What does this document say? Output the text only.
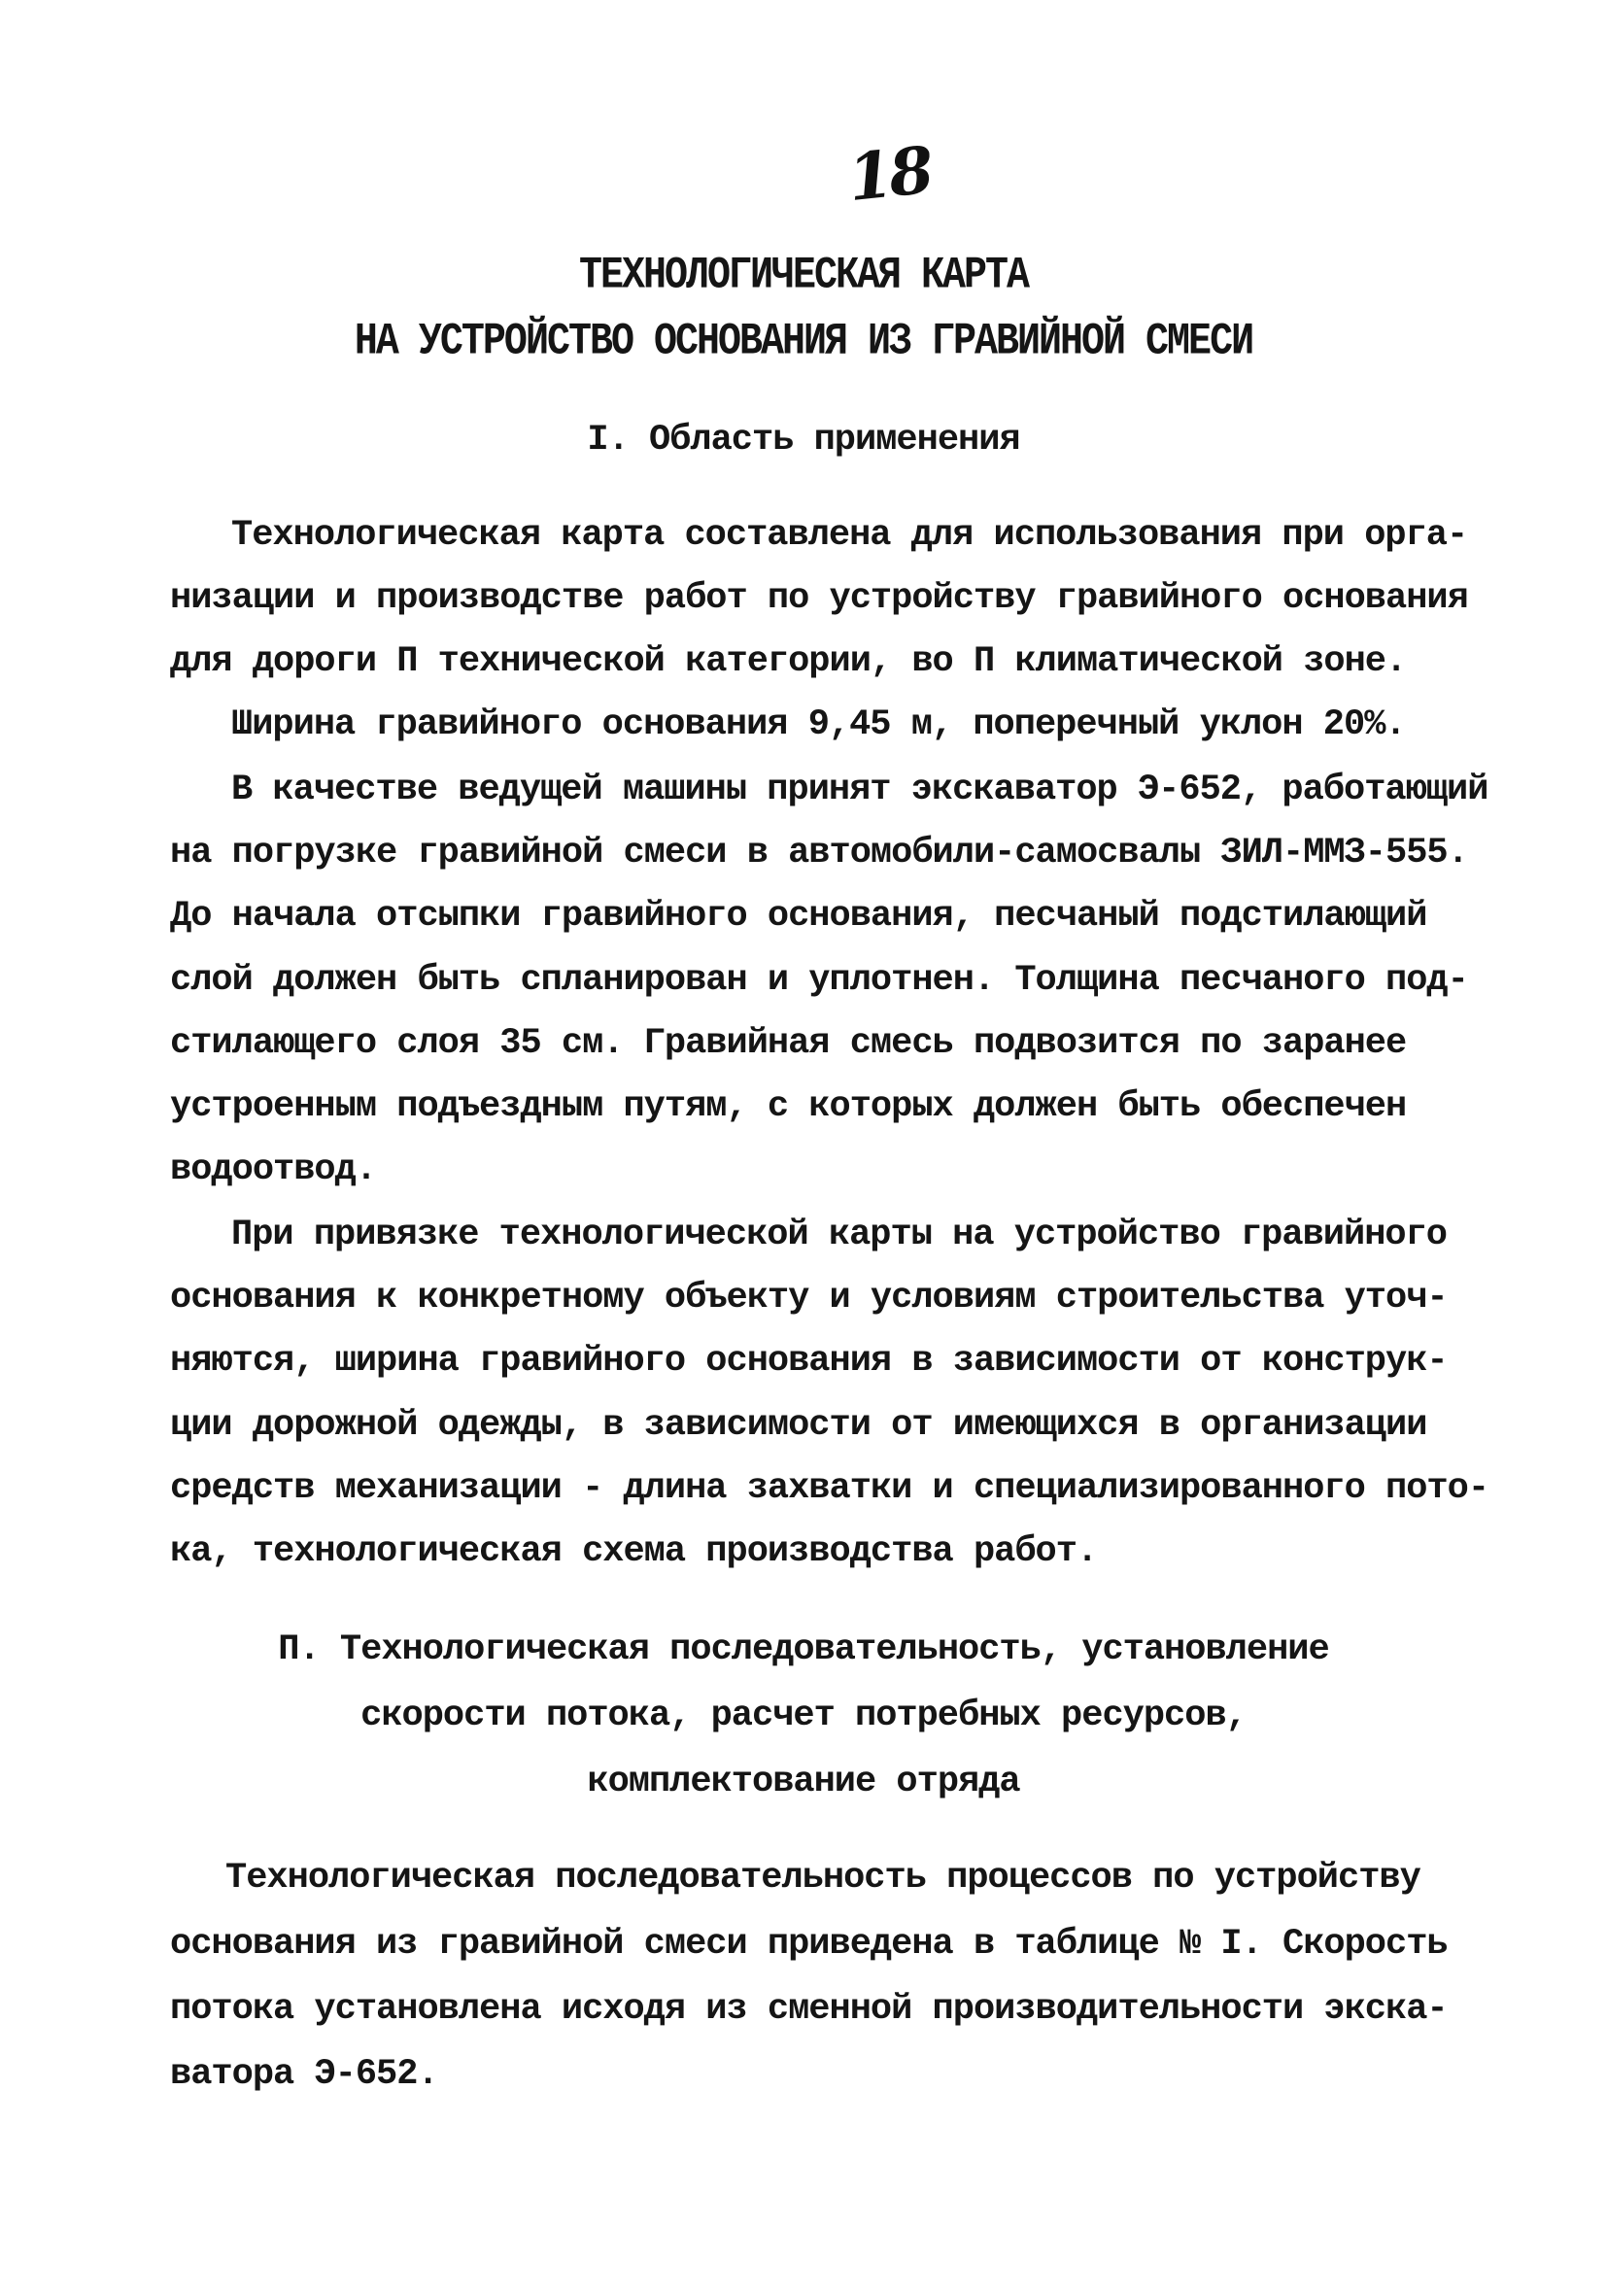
18
ТЕХНОЛОГИЧЕСКАЯ КАРТА
НА УСТРОЙСТВО ОСНОВАНИЯ ИЗ ГРАВИЙНОЙ СМЕСИ
I. Область применения
Технологическая карта составлена для использования при орга-
низации и производстве работ по устройству гравийного основания
для дороги П технической категории, во П климатической зоне.
Ширина гравийного основания 9,45 м, поперечный уклон 20%.
В качестве ведущей машины принят экскаватор Э-652, работающий
на погрузке гравийной смеси в автомобили-самосвалы ЗИЛ-ММЗ-555.
До начала отсыпки гравийного основания, песчаный подстилающий
слой должен быть спланирован и уплотнен. Толщина песчаного под-
стилающего слоя 35 см. Гравийная смесь подвозится по заранее
устроенным подъездным путям, с которых должен быть обеспечен
водоотвод.
При привязке технологической карты на устройство гравийного
основания к конкретному объекту и условиям строительства уточ-
няются, ширина гравийного основания в зависимости от конструк-
ции дорожной одежды, в зависимости от имеющихся в организации
средств механизации - длина захватки и специализированного пото-
ка, технологическая схема производства работ.
П. Технологическая последовательность, установление
скорости потока, расчет потребных ресурсов,
комплектование отряда
Технологическая последовательность процессов по устройству
основания из гравийной смеси приведена в таблице № I. Скорость
потока установлена исходя из сменной производительности экска-
ватора Э-652.
